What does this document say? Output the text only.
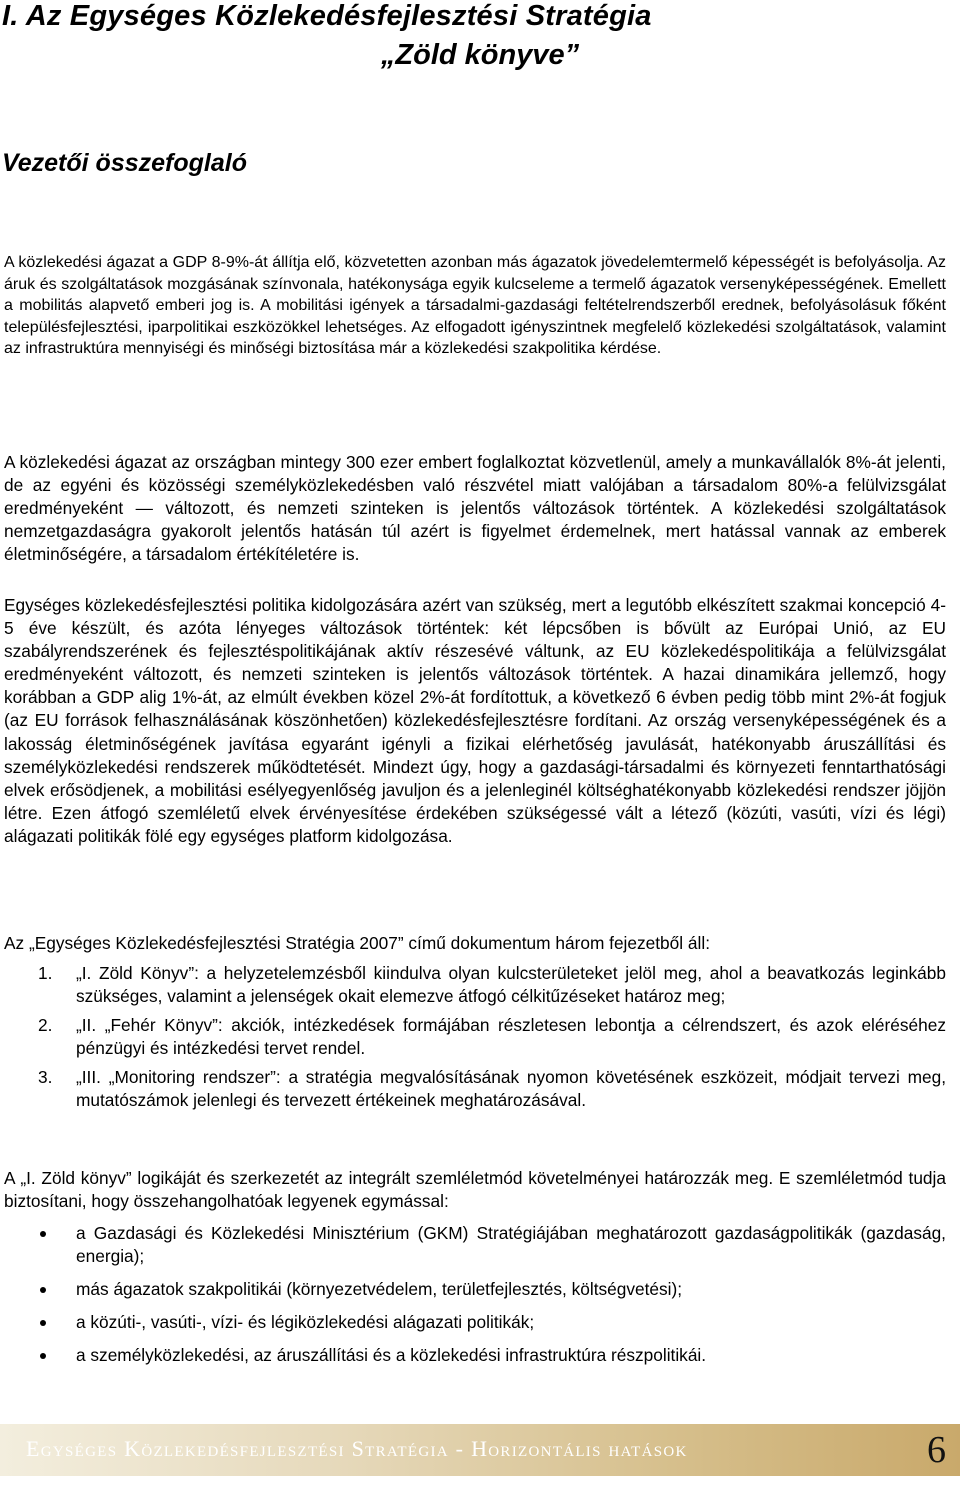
I. Az Egységes Közlekedésfejlesztési Stratégia
„Zöld könyve”
Vezetői összefoglaló

A közlekedési ágazat a GDP 8-9%-át állítja elő, közvetetten azonban más ágazatok jövedelemtermelő képességét is befolyásolja. Az áruk és szolgáltatások mozgásának színvonala, hatékonysága egyik kulcseleme a termelő ágazatok versenyképességének. Emellett a mobilitás alapvető emberi jog is. A mobilitási igények a társadalmi-gazdasági feltételrendszerből erednek, befolyásolásuk főként településfejlesztési, iparpolitikai eszközökkel lehetséges. Az elfogadott igényszintnek megfelelő közlekedési szolgáltatások, valamint az infrastruktúra mennyiségi és minőségi biztosítása már a közlekedési szakpolitika kérdése.

A közlekedési ágazat az országban mintegy 300 ezer embert foglalkoztat közvetlenül, amely a munkavállalók 8%-át jelenti, de az egyéni és közösségi személyközlekedésben való részvétel miatt valójában a társadalom 80%-a felülvizsgálat eredményeként — változott, és nemzeti szinteken is jelentős változások történtek. A közlekedési szolgáltatások nemzetgazdaságra gyakorolt jelentős hatásán túl azért is figyelmet érdemelnek, mert hatással vannak az emberek életminőségére, a társadalom értékítéletére is.

Egységes közlekedésfejlesztési politika kidolgozására azért van szükség, mert a legutóbb elkészített szakmai koncepció 4-5 éve készült, és azóta lényeges változások történtek: két lépcsőben is bővült az Európai Unió, az EU szabályrendszerének és fejlesztéspolitikájának aktív részesévé váltunk, az EU közlekedéspolitikája a felülvizsgálat eredményeként változott, és nemzeti szinteken is jelentős változások történtek. A hazai dinamikára jellemző, hogy korábban a GDP alig 1%-át, az elmúlt években közel 2%-át fordítottuk, a következő 6 évben pedig több mint 2%-át fogjuk (az EU források felhasználásának köszönhetően) közlekedésfejlesztésre fordítani. Az ország versenyképességének és a lakosság életminőségének javítása egyaránt igényli a fizikai elérhetőség javulását, hatékonyabb áruszállítási és személyközlekedési rendszerek működtetését. Mindezt úgy, hogy a gazdasági-társadalmi és környezeti fenntarthatósági elvek erősödjenek, a mobilitási esélyegyenlőség javuljon és a jelenleginél költséghatékonyabb közlekedési rendszer jöjjön létre. Ezen átfogó szemléletű elvek érvényesítése érdekében szükségessé vált a létező (közúti, vasúti, vízi és légi) alágazati politikák fölé egy egységes platform kidolgozása.

Az „Egységes Közlekedésfejlesztési Stratégia 2007” című dokumentum három fejezetből áll:

1. „I. Zöld Könyv”: a helyzetelemzésből kiindulva olyan kulcsterületeket jelöl meg, ahol a beavatkozás leginkább szükséges, valamint a jelenségek okait elemezve átfogó célkitűzéseket határoz meg;
2. „II. „Fehér Könyv”: akciók, intézkedések formájában részletesen lebontja a célrendszert, és azok eléréséhez pénzügyi és intézkedési tervet rendel.
3. „III. „Monitoring rendszer”: a stratégia megvalósításának nyomon követésének eszközeit, módjait tervezi meg, mutatószámok jelenlegi és tervezett értékeinek meghatározásával.

A „I. Zöld könyv” logikáját és szerkezetét az integrált szemléletmód követelményei határozzák meg. E szemléletmód tudja biztosítani, hogy összehangolhatóak legyenek egymással:

a Gazdasági és Közlekedési Minisztérium (GKM) Stratégiájában meghatározott gazdaságpolitikák (gazdaság, energia);
más ágazatok szakpolitikái (környezetvédelem, területfejlesztés, költségvetési);
a közúti-, vasúti-, vízi- és légiközlekedési alágazati politikák;
a személyközlekedési, az áruszállítási és a közlekedési infrastruktúra részpolitikái.
Egységes Közlekedésfejlesztési Stratégia - Horizontális hatások	6
